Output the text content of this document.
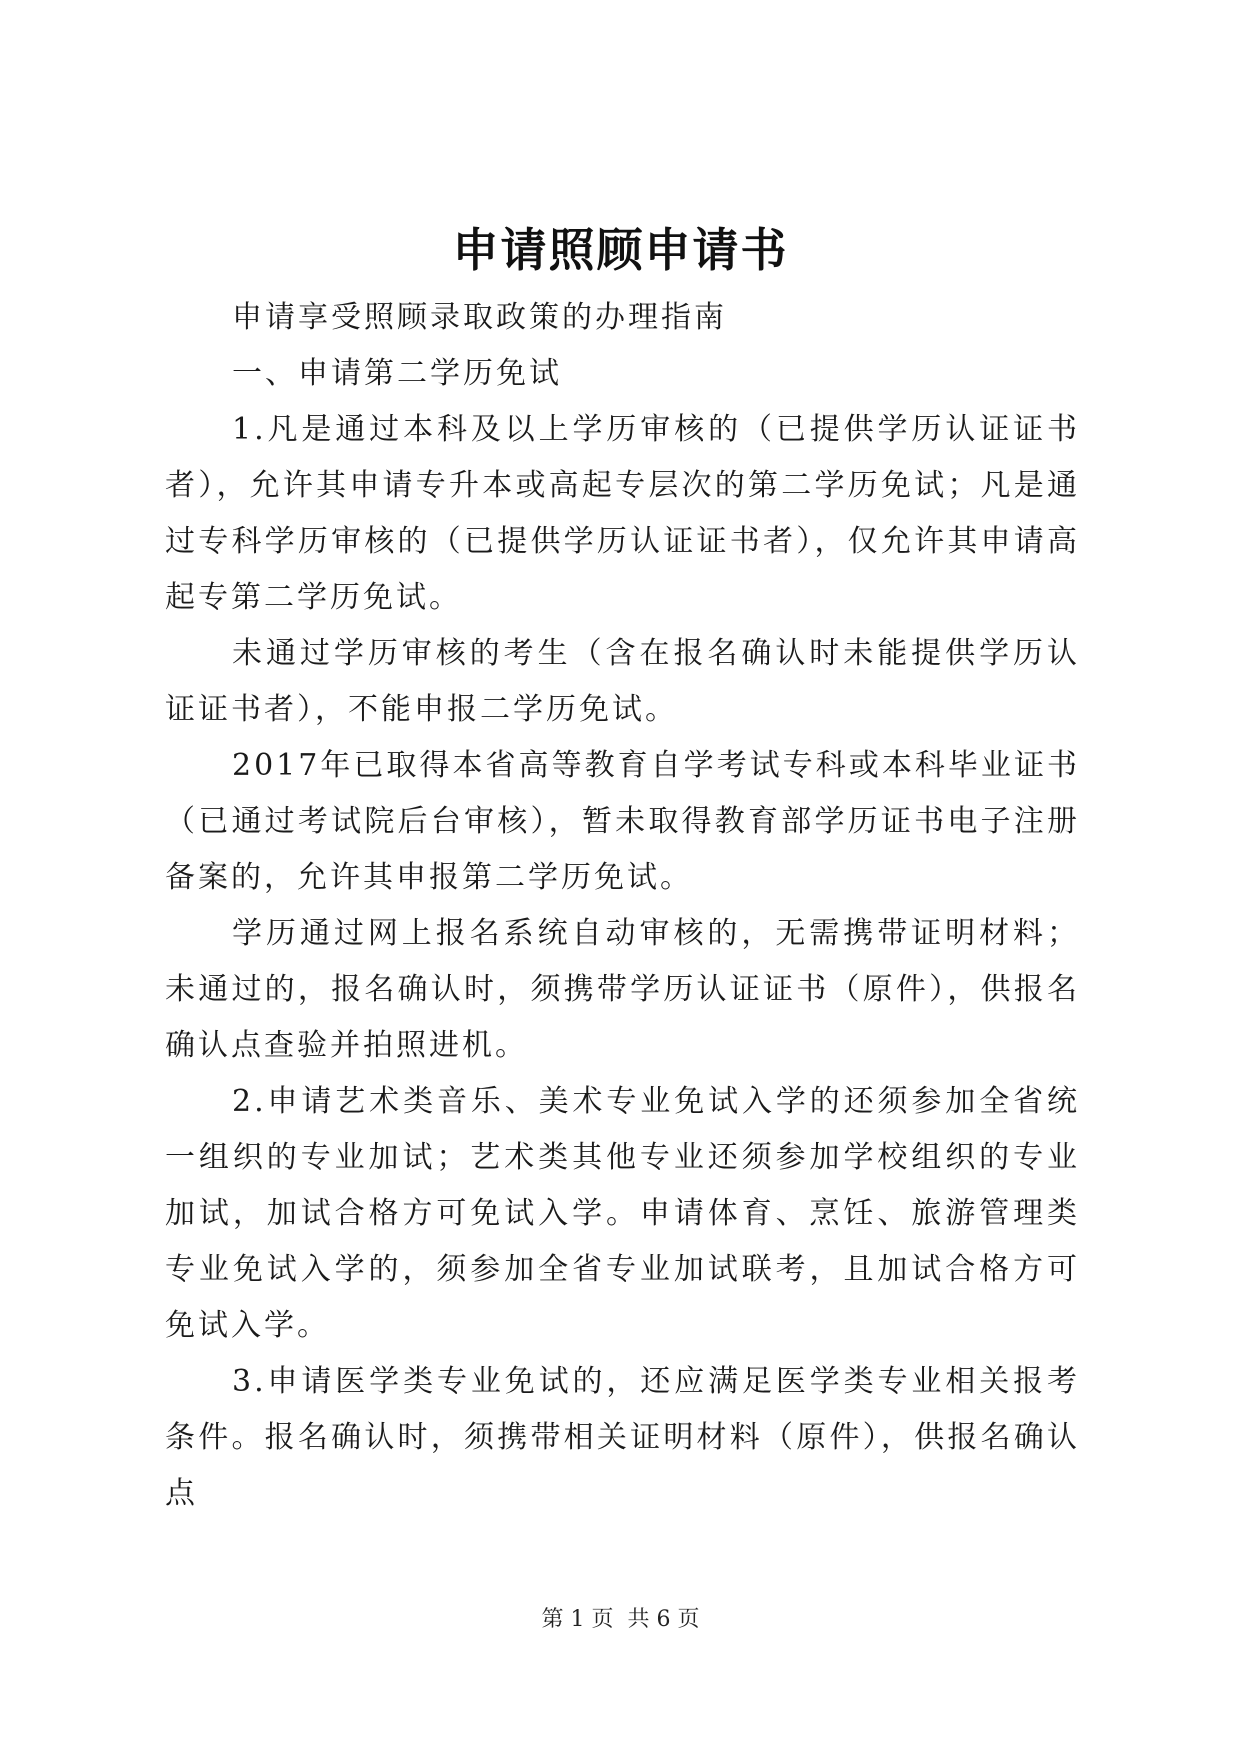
申请照顾申请书

申请享受照顾录取政策的办理指南

一、申请第二学历免试

1.凡是通过本科及以上学历审核的（已提供学历认证证书者），允许其申请专升本或高起专层次的第二学历免试；凡是通过专科学历审核的（已提供学历认证证书者），仅允许其申请高起专第二学历免试。

未通过学历审核的考生（含在报名确认时未能提供学历认证证书者），不能申报二学历免试。

2017年已取得本省高等教育自学考试专科或本科毕业证书（已通过考试院后台审核），暂未取得教育部学历证书电子注册备案的，允许其申报第二学历免试。

学历通过网上报名系统自动审核的，无需携带证明材料；未通过的，报名确认时，须携带学历认证证书（原件），供报名确认点查验并拍照进机。

2.申请艺术类音乐、美术专业免试入学的还须参加全省统一组织的专业加试；艺术类其他专业还须参加学校组织的专业加试，加试合格方可免试入学。申请体育、烹饪、旅游管理类专业免试入学的，须参加全省专业加试联考，且加试合格方可免试入学。

3.申请医学类专业免试的，还应满足医学类专业相关报考条件。报名确认时，须携带相关证明材料（原件），供报名确认点

第 1 页  共 6 页
